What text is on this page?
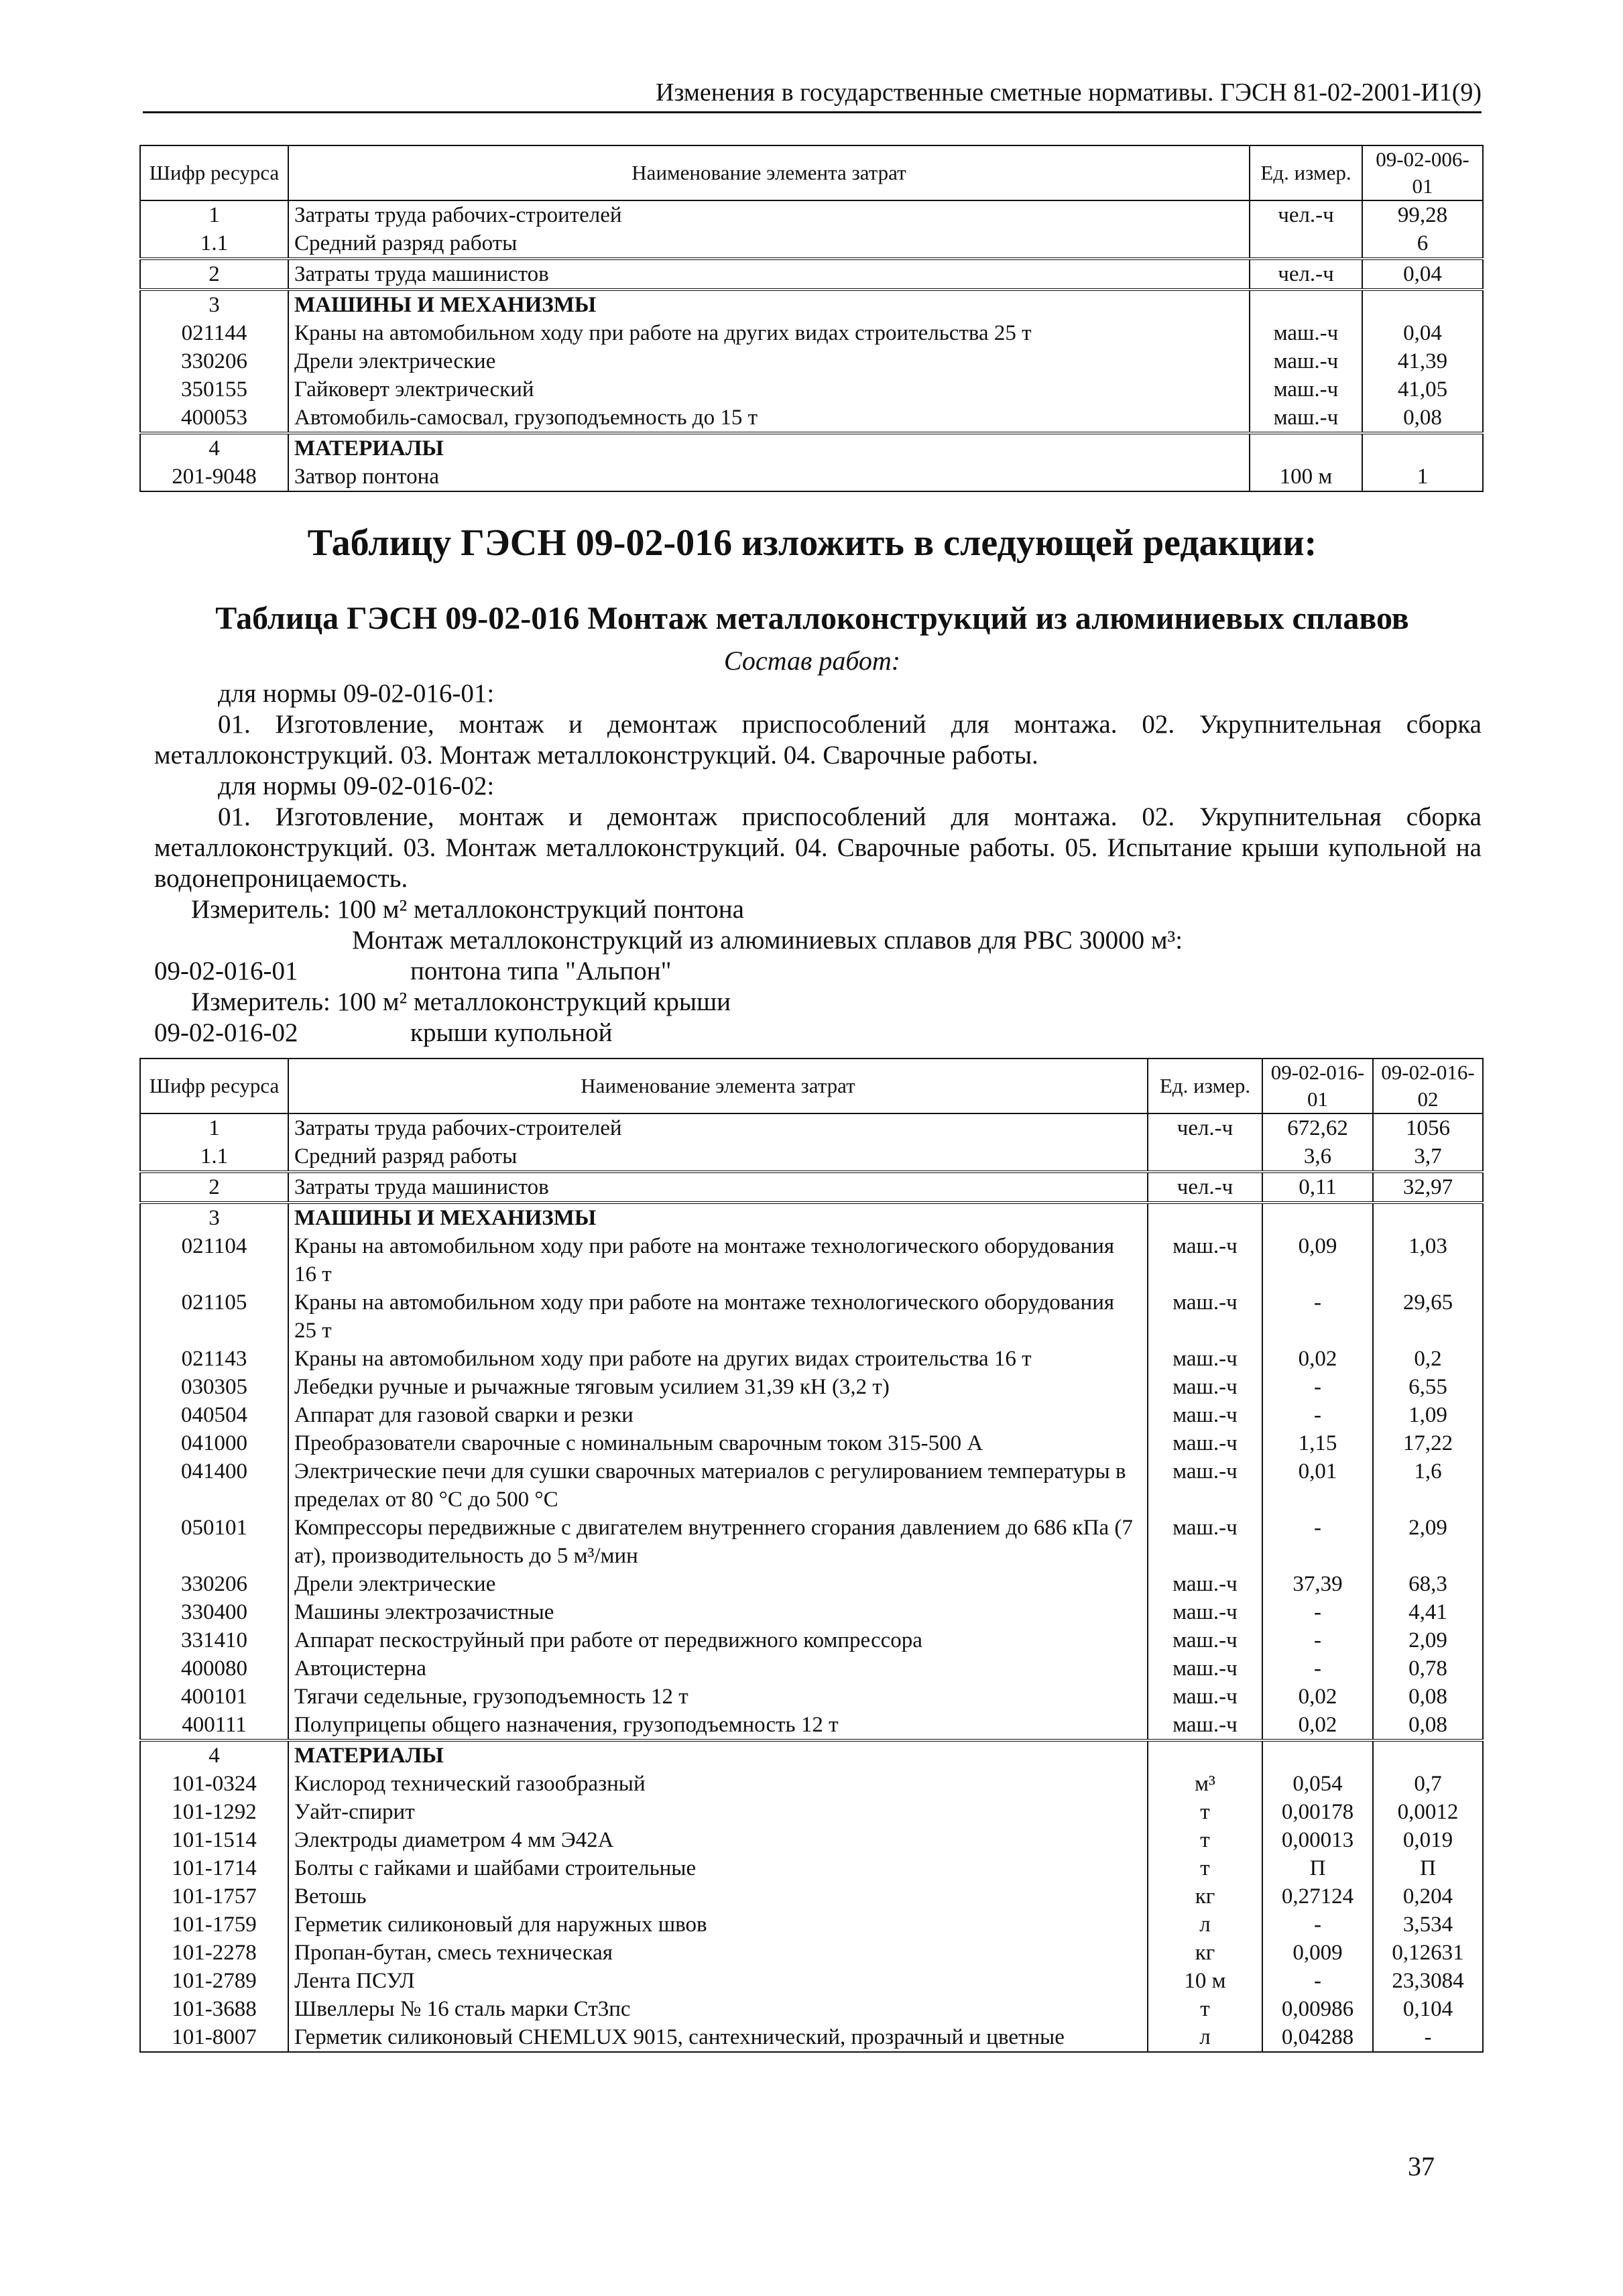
Изменения в государственные сметные нормативы. ГЭСН 81-02-2001-И1(9)
Шифр ресурса	Наименование элемента затрат	Ед. измер.	09-02-006-01
1	Затраты труда рабочих-строителей	чел.-ч	99,28
1.1	Средний разряд работы		6
2	Затраты труда машинистов	чел.-ч	0,04
3	МАШИНЫ И МЕХАНИЗМЫ		
021144	Краны на автомобильном ходу при работе на других видах строительства 25 т	маш.-ч	0,04
330206	Дрели электрические	маш.-ч	41,39
350155	Гайковерт электрический	маш.-ч	41,05
400053	Автомобиль-самосвал, грузоподъемность до 15 т	маш.-ч	0,08
4	МАТЕРИАЛЫ		
201-9048	Затвор понтона	100 м	1
Таблицу ГЭСН 09-02-016 изложить в следующей редакции:
Таблица ГЭСН 09-02-016 Монтаж металлоконструкций из алюминиевых сплавов
Состав работ:
для нормы 09-02-016-01:
01. Изготовление, монтаж и демонтаж приспособлений для монтажа. 02. Укрупнительная сборка металлоконструкций. 03. Монтаж металлоконструкций. 04. Сварочные работы.
для нормы 09-02-016-02:
01. Изготовление, монтаж и демонтаж приспособлений для монтажа. 02. Укрупнительная сборка металлоконструкций. 03. Монтаж металлоконструкций. 04. Сварочные работы. 05. Испытание крыши купольной на водонепроницаемость.
Измеритель: 100 м² металлоконструкций понтона
Монтаж металлоконструкций из алюминиевых сплавов для РВС 30000 м³:
09-02-016-01	понтона типа "Альпон"
Измеритель: 100 м² металлоконструкций крыши
09-02-016-02	крыши купольной
Шифр ресурса	Наименование элемента затрат	Ед. измер.	09-02-016-01	09-02-016-02
1	Затраты труда рабочих-строителей	чел.-ч	672,62	1056
1.1	Средний разряд работы		3,6	3,7
2	Затраты труда машинистов	чел.-ч	0,11	32,97
3	МАШИНЫ И МЕХАНИЗМЫ			
021104	Краны на автомобильном ходу при работе на монтаже технологического оборудования 16 т	маш.-ч	0,09	1,03
021105	Краны на автомобильном ходу при работе на монтаже технологического оборудования 25 т	маш.-ч	-	29,65
021143	Краны на автомобильном ходу при работе на других видах строительства 16 т	маш.-ч	0,02	0,2
030305	Лебедки ручные и рычажные тяговым усилием 31,39 кН (3,2 т)	маш.-ч	-	6,55
040504	Аппарат для газовой сварки и резки	маш.-ч	-	1,09
041000	Преобразователи сварочные с номинальным сварочным током 315-500 А	маш.-ч	1,15	17,22
041400	Электрические печи для сушки сварочных материалов с регулированием температуры в пределах от 80 °С до 500 °С	маш.-ч	0,01	1,6
050101	Компрессоры передвижные с двигателем внутреннего сгорания давлением до 686 кПа (7 ат), производительность до 5 м³/мин	маш.-ч	-	2,09
330206	Дрели электрические	маш.-ч	37,39	68,3
330400	Машины электрозачистные	маш.-ч	-	4,41
331410	Аппарат пескоструйный при работе от передвижного компрессора	маш.-ч	-	2,09
400080	Автоцистерна	маш.-ч	-	0,78
400101	Тягачи седельные, грузоподъемность 12 т	маш.-ч	0,02	0,08
400111	Полуприцепы общего назначения, грузоподъемность 12 т	маш.-ч	0,02	0,08
4	МАТЕРИАЛЫ			
101-0324	Кислород технический газообразный	м³	0,054	0,7
101-1292	Уайт-спирит	т	0,00178	0,0012
101-1514	Электроды диаметром 4 мм Э42А	т	0,00013	0,019
101-1714	Болты с гайками и шайбами строительные	т	П	П
101-1757	Ветошь	кг	0,27124	0,204
101-1759	Герметик силиконовый для наружных швов	л	-	3,534
101-2278	Пропан-бутан, смесь техническая	кг	0,009	0,12631
101-2789	Лента ПСУЛ	10 м	-	23,3084
101-3688	Швеллеры № 16 сталь марки Ст3пс	т	0,00986	0,104
101-8007	Герметик силиконовый CHEMLUX 9015, сантехнический, прозрачный и цветные	л	0,04288	-
37
